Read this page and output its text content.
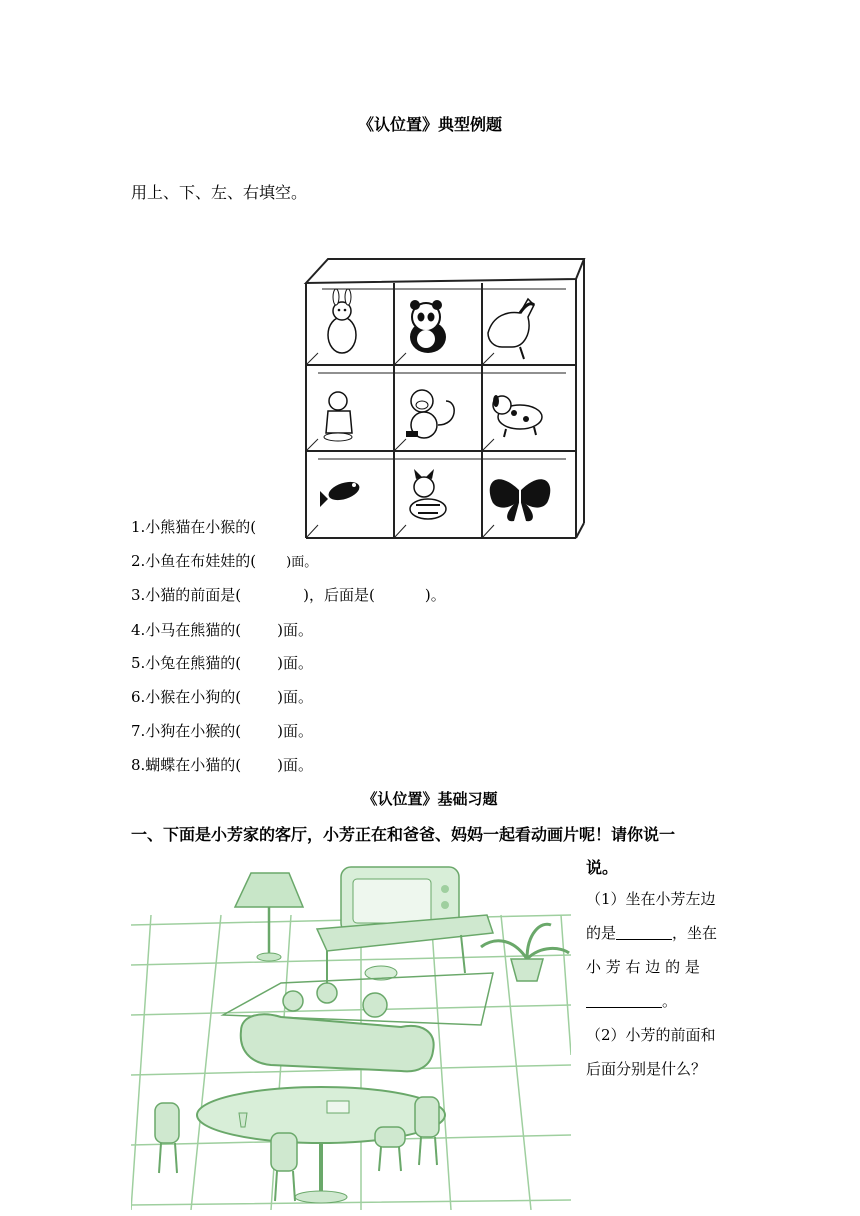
《认位置》典型例题
用上、下、左、右填空。
1.小熊猫在小猴的(
2.小鱼在布娃娃的( )面。
3.小猫的前面是(	)，后面是(	)。
4.小马在熊猫的( )面。
5.小兔在熊猫的( )面。
6.小猴在小狗的( )面。
7.小狗在小猴的( )面。
8.蝴蝶在小猫的( )面。
《认位置》基础习题
一、下面是小芳家的客厅，小芳正在和爸爸、妈妈一起看动画片呢！请你说一
说。
（1）坐在小芳左边
的是	，坐在
小 芳 右 边 的 是
。
（2）小芳的前面和
后面分别是什么？
